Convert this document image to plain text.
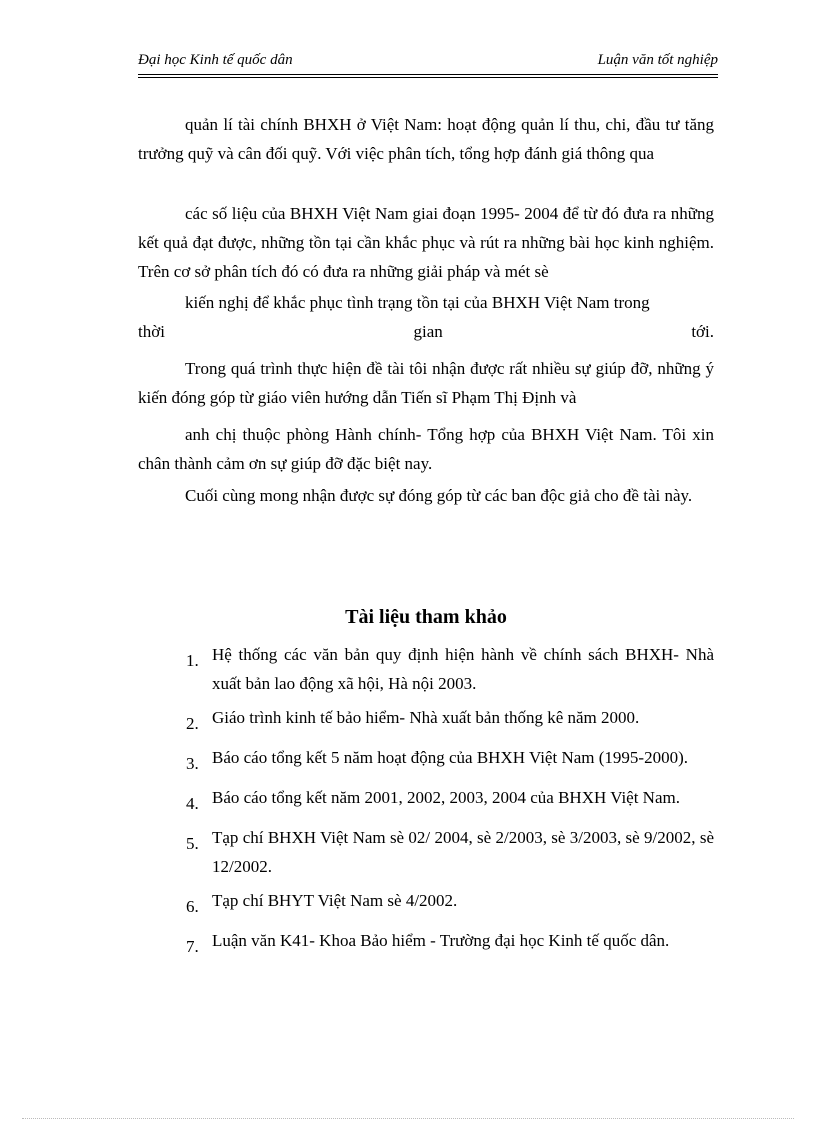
Đại học Kinh tế quốc dân	Luận văn tốt nghiệp

quản lí tài chính BHXH ở Việt Nam: hoạt động quản lí thu, chi, đầu tư tăng trưởng quỹ và cân đối quỹ. Với việc phân tích, tổng hợp đánh giá thông qua

các số liệu của BHXH Việt Nam giai đoạn 1995- 2004 để từ đó đưa ra những kết quả đạt được, những tồn tại cần khắc phục và rút ra những bài học kinh nghiệm. Trên cơ sở phân tích đó có đưa ra những giải pháp và mét sè

kiến nghị để khắc phục tình trạng tồn tại của BHXH Việt Nam trong

thời	gian	tới.

Trong quá trình thực hiện đề tài tôi nhận được rất nhiều sự giúp đỡ, những ý kiến đóng góp từ giáo viên hướng dẫn Tiến sĩ Phạm Thị Định và

anh chị thuộc phòng Hành chính- Tổng hợp của BHXH Việt Nam. Tôi xin chân thành cảm ơn sự giúp đỡ đặc biệt nay.

Cuối cùng mong nhận được sự đóng góp từ các ban độc giả cho đề tài này.

Tài liệu tham khảo
1. Hệ thống các văn bản quy định hiện hành về chính sách BHXH- Nhà xuất bản lao động xã hội, Hà nội 2003.
2. Giáo trình kinh tế bảo hiểm- Nhà xuất bản thống kê năm 2000.
3. Báo cáo tổng kết 5 năm hoạt động của BHXH Việt Nam (1995-2000).
4. Báo cáo tổng kết năm 2001, 2002, 2003, 2004 của BHXH Việt Nam.
5. Tạp chí BHXH Việt Nam sè 02/ 2004, sè 2/2003, sè 3/2003, sè 9/2002, sè 12/2002.
6. Tạp chí BHYT Việt Nam sè 4/2002.
7. Luận văn K41- Khoa Bảo hiểm - Trường đại học Kinh tế quốc dân.
